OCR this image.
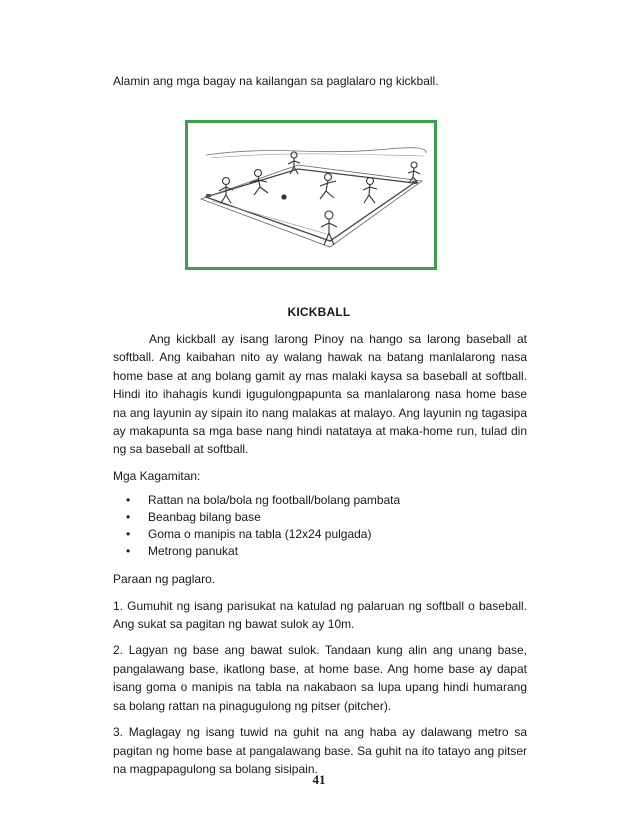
Alamin ang mga bagay na kailangan sa paglalaro ng kickball.

KICKBALL

Ang kickball ay isang larong Pinoy na hango sa larong baseball at softball. Ang kaibahan nito ay walang hawak na batang manlalarong nasa home base at ang bolang gamit ay mas malaki kaysa sa baseball at softball. Hindi ito ihahagis kundi igugulongpapunta sa manlalarong nasa home base na ang layunin ay sipain ito nang malakas at malayo. Ang layunin ng tagasipa ay makapunta sa mga base nang hindi natataya at maka-home run, tulad din ng sa baseball at softball.

Mga Kagamitan:

• Rattan na bola/bola ng football/bolang pambata
• Beanbag bilang base
• Goma o manipis na tabla (12x24 pulgada)
• Metrong panukat

Paraan ng paglaro.

1. Gumuhit ng isang parisukat na katulad ng palaruan ng softball o baseball. Ang sukat sa pagitan ng bawat sulok ay 10m.

2. Lagyan ng base ang bawat sulok. Tandaan kung alin ang unang base, pangalawang base, ikatlong base, at home base. Ang home base ay dapat isang goma o manipis na tabla na nakabaon sa lupa upang hindi humarang sa bolang rattan na pinagugulong ng pitser (pitcher).

3. Maglagay ng isang tuwid na guhit na ang haba ay dalawang metro sa pagitan ng home base at pangalawang base. Sa guhit na ito tatayo ang pitser na magpapagulong sa bolang sisipain.

41
